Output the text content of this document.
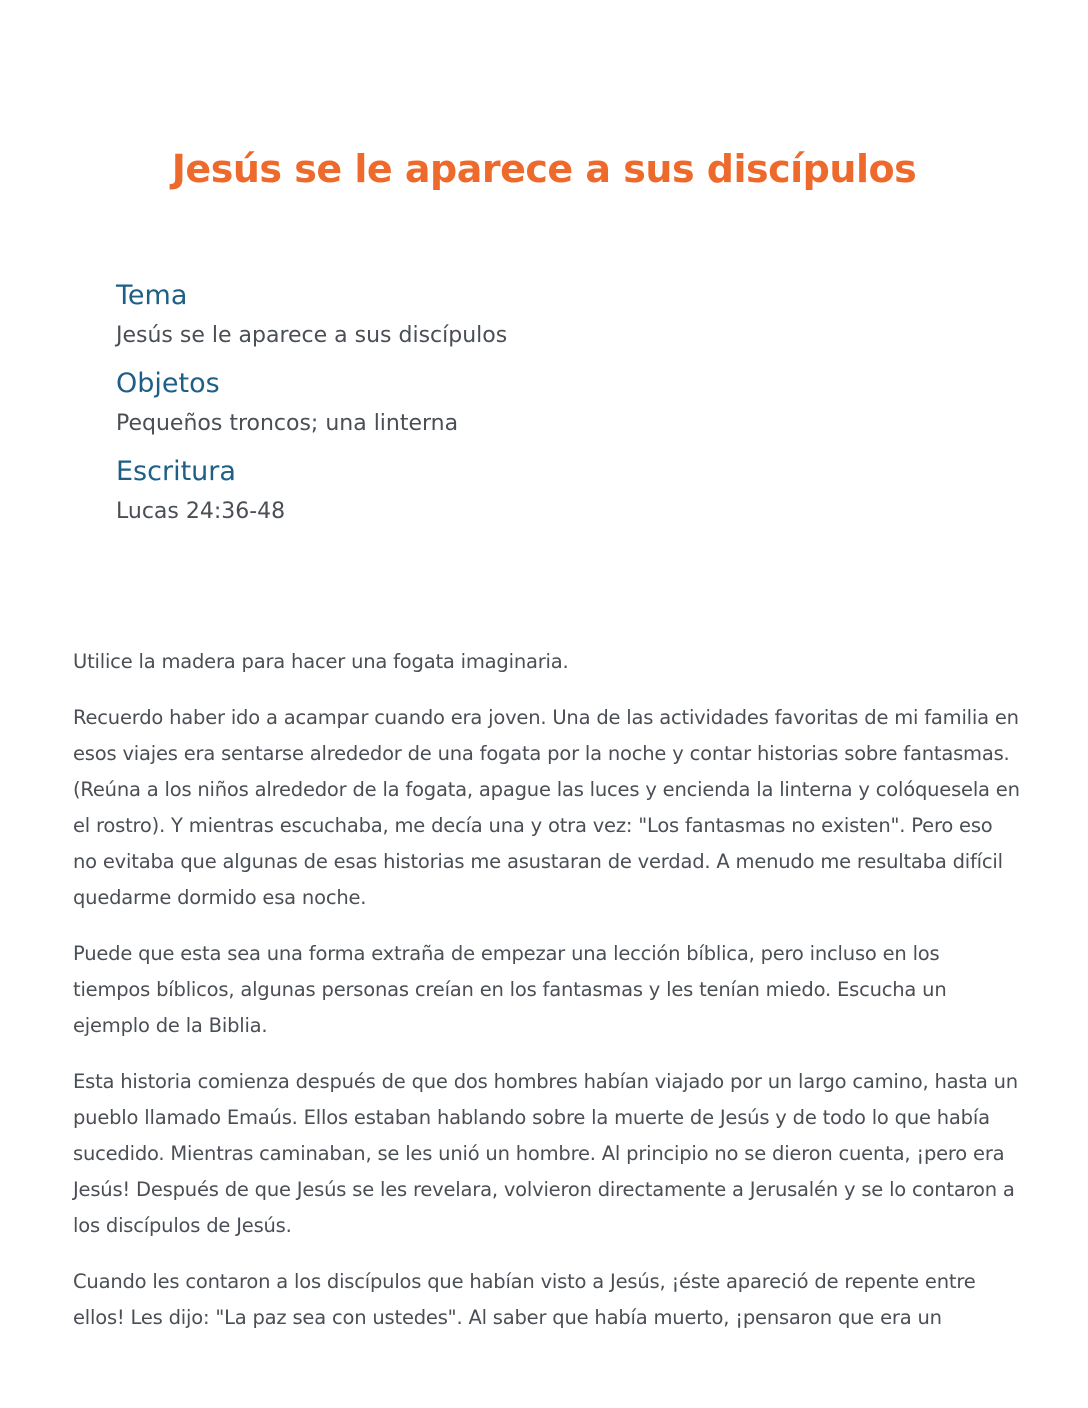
Jesús se le aparece a sus discípulos
Tema

Jesús se le aparece a sus discípulos

Objetos

Pequeños troncos; una linterna

Escritura

Lucas 24:36-48

Utilice la madera para hacer una fogata imaginaria.

Recuerdo haber ido a acampar cuando era joven. Una de las actividades favoritas de mi familia en esos viajes era sentarse alrededor de una fogata por la noche y contar historias sobre fantasmas. (Reúna a los niños alrededor de la fogata, apague las luces y encienda la linterna y colóquesela en el rostro). Y mientras escuchaba, me decía una y otra vez: "Los fantasmas no existen". Pero eso no evitaba que algunas de esas historias me asustaran de verdad. A menudo me resultaba difícil quedarme dormido esa noche.

Puede que esta sea una forma extraña de empezar una lección bíblica, pero incluso en los tiempos bíblicos, algunas personas creían en los fantasmas y les tenían miedo. Escucha un ejemplo de la Biblia.

Esta historia comienza después de que dos hombres habían viajado por un largo camino, hasta un pueblo llamado Emaús. Ellos estaban hablando sobre la muerte de Jesús y de todo lo que había sucedido. Mientras caminaban, se les unió un hombre. Al principio no se dieron cuenta, ¡pero era Jesús! Después de que Jesús se les revelara, volvieron directamente a Jerusalén y se lo contaron a los discípulos de Jesús.

Cuando les contaron a los discípulos que habían visto a Jesús, ¡éste apareció de repente entre ellos! Les dijo: "La paz sea con ustedes". Al saber que había muerto, ¡pensaron que era un
